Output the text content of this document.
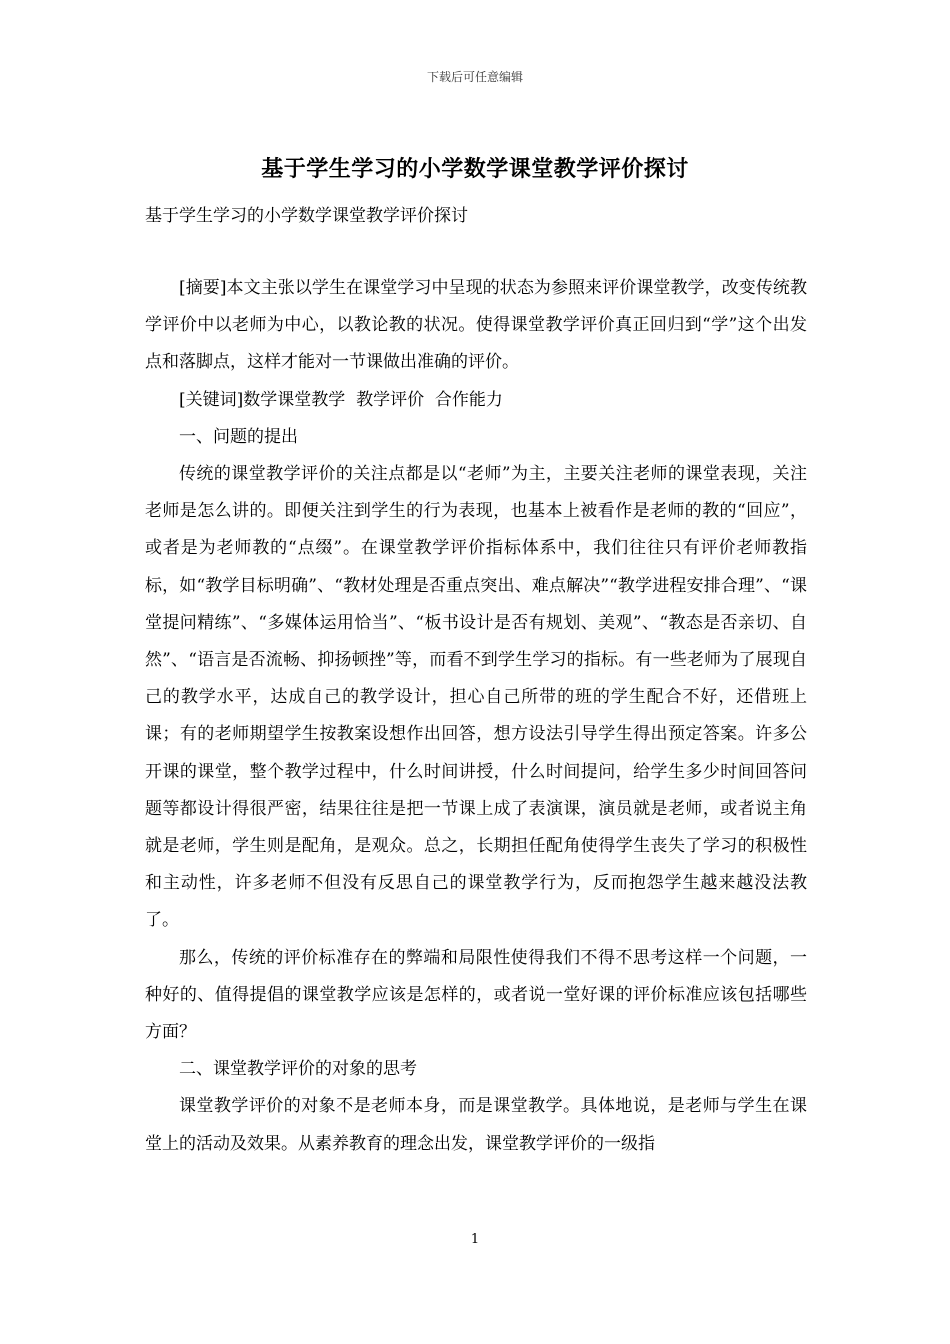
下载后可任意编辑
基于学生学习的小学数学课堂教学评价探讨
基于学生学习的小学数学课堂教学评价探讨

[摘要]本文主张以学生在课堂学习中呈现的状态为参照来评价课堂教学，改变传统教学评价中以老师为中心，以教论教的状况。使得课堂教学评价真正回归到“学”这个出发点和落脚点，这样才能对一节课做出准确的评价。

[关键词]数学课堂教学  教学评价  合作能力

一、问题的提出

传统的课堂教学评价的关注点都是以“老师”为主，主要关注老师的课堂表现，关注老师是怎么讲的。即便关注到学生的行为表现，也基本上被看作是老师的教的“回应”，或者是为老师教的“点缀”。在课堂教学评价指标体系中，我们往往只有评价老师教指标，如“教学目标明确”、“教材处理是否重点突出、难点解决”“教学进程安排合理”、“课堂提问精练”、“多媒体运用恰当”、“板书设计是否有规划、美观”、“教态是否亲切、自然”、“语言是否流畅、抑扬顿挫”等，而看不到学生学习的指标。有一些老师为了展现自己的教学水平，达成自己的教学设计，担心自己所带的班的学生配合不好，还借班上课；有的老师期望学生按教案设想作出回答，想方设法引导学生得出预定答案。许多公开课的课堂，整个教学过程中，什么时间讲授，什么时间提问，给学生多少时间回答问题等都设计得很严密，结果往往是把一节课上成了表演课，演员就是老师，或者说主角就是老师，学生则是配角，是观众。总之，长期担任配角使得学生丧失了学习的积极性和主动性，许多老师不但没有反思自己的课堂教学行为，反而抱怨学生越来越没法教了。

那么，传统的评价标准存在的弊端和局限性使得我们不得不思考这样一个问题，一种好的、值得提倡的课堂教学应该是怎样的，或者说一堂好课的评价标准应该包括哪些方面？

二、课堂教学评价的对象的思考

课堂教学评价的对象不是老师本身，而是课堂教学。具体地说，是老师与学生在课堂上的活动及效果。从素养教育的理念出发，课堂教学评价的一级指

1
